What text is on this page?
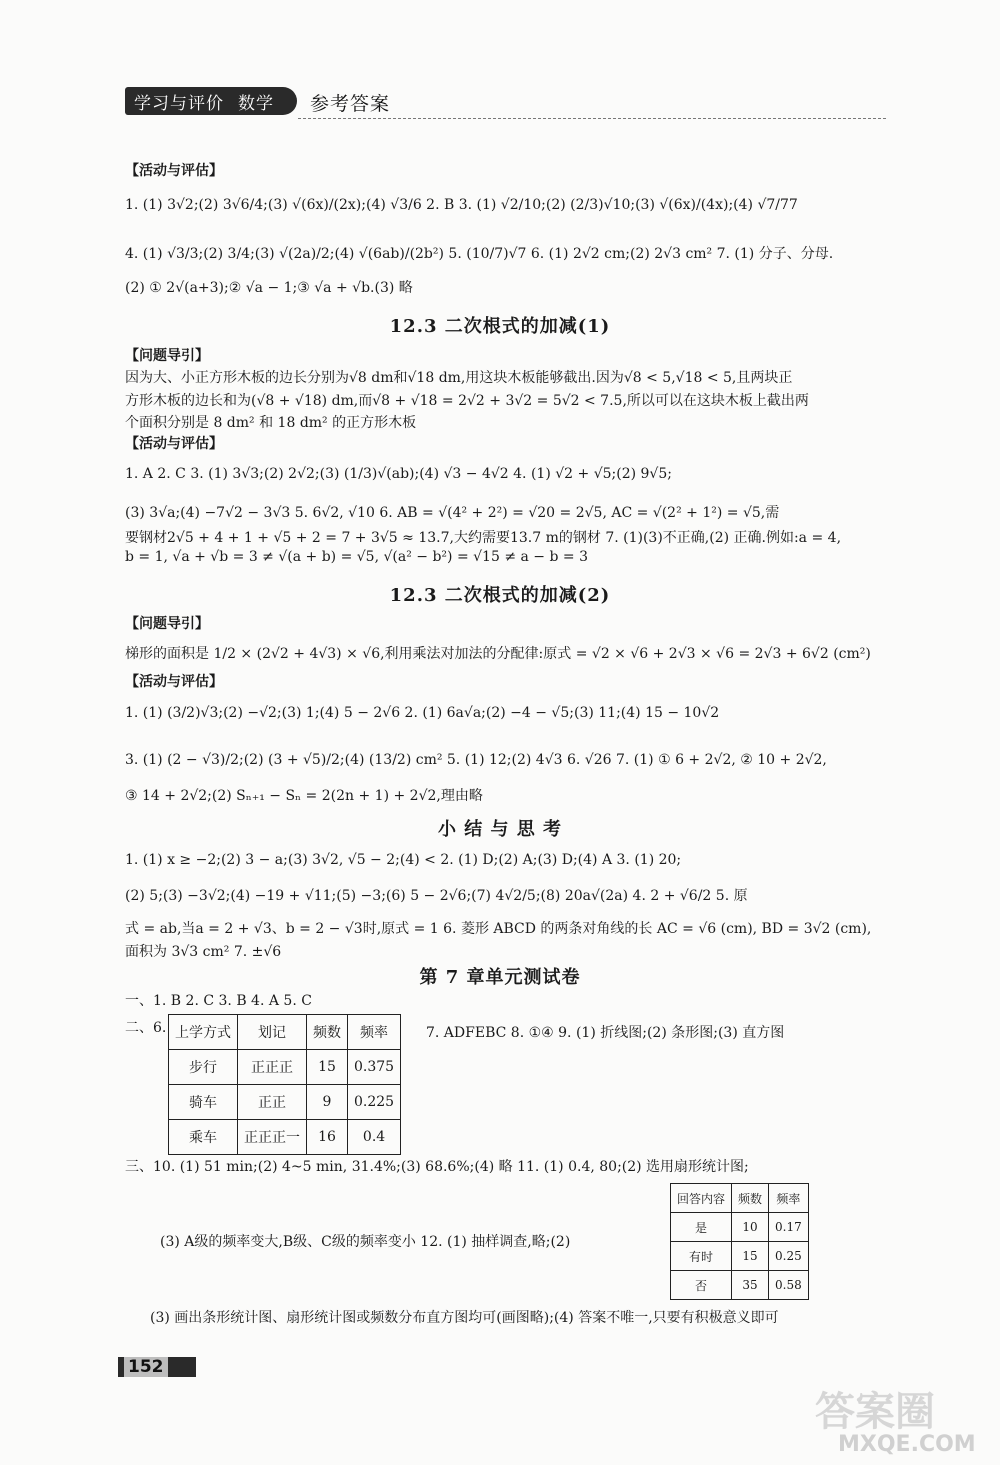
学习与评价 数学 参考答案
【活动与评估】
1. (1) 3√2;(2) 3√6/4;(3) √(6x)/(2x);(4) √3/6 2. B 3. (1) √2/10;(2) (2/3)√10;(3) √(6x)/(4x);(4) √7/77
4. (1) √3/3;(2) 3/4;(3) √(2a)/2;(4) √(6ab)/(2b²) 5. (10/7)√7 6. (1) 2√2 cm;(2) 2√3 cm² 7. (1) 分子、分母.
(2) ① 2√(a+3);② √a − 1;③ √a + √b.(3) 略
12.3 二次根式的加减(1)
【问题导引】
因为大、小正方形木板的边长分别为√8 dm和√18 dm,用这块木板能够截出.因为√8 < 5,√18 < 5,且两块正
方形木板的边长和为(√8 + √18) dm,而√8 + √18 = 2√2 + 3√2 = 5√2 < 7.5,所以可以在这块木板上截出两
个面积分别是 8 dm² 和 18 dm² 的正方形木板
【活动与评估】
1. A 2. C 3. (1) 3√3;(2) 2√2;(3) (1/3)√(ab);(4) √3 − 4√2 4. (1) √2 + √5;(2) 9√5;
(3) 3√a;(4) −7√2 − 3√3 5. 6√2, √10 6. AB = √(4² + 2²) = √20 = 2√5, AC = √(2² + 1²) = √5,需
要钢材2√5 + 4 + 1 + √5 + 2 = 7 + 3√5 ≈ 13.7,大约需要13.7 m的钢材 7. (1)(3)不正确,(2) 正确.例如:a = 4,
b = 1, √a + √b = 3 ≠ √(a + b) = √5, √(a² − b²) = √15 ≠ a − b = 3
12.3 二次根式的加减(2)
【问题导引】
梯形的面积是 1/2 × (2√2 + 4√3) × √6,利用乘法对加法的分配律:原式 = √2 × √6 + 2√3 × √6 = 2√3 + 6√2 (cm²)
【活动与评估】
1. (1) (3/2)√3;(2) −√2;(3) 1;(4) 5 − 2√6 2. (1) 6a√a;(2) −4 − √5;(3) 11;(4) 15 − 10√2
3. (1) (2 − √3)/2;(2) (3 + √5)/2;(4) (13/2) cm² 5. (1) 12;(2) 4√3 6. √26 7. (1) ① 6 + 2√2, ② 10 + 2√2,
③ 14 + 2√2;(2) Sₙ₊₁ − Sₙ = 2(2n + 1) + 2√2,理由略
小 结 与 思 考
1. (1) x ≥ −2;(2) 3 − a;(3) 3√2, √5 − 2;(4) < 2. (1) D;(2) A;(3) D;(4) A 3. (1) 20;
(2) 5;(3) −3√2;(4) −19 + √11;(5) −3;(6) 5 − 2√6;(7) 4√2/5;(8) 20a√(2a) 4. 2 + √6/2 5. 原
式 = ab,当a = 2 + √3、b = 2 − √3时,原式 = 1 6. 菱形 ABCD 的两条对角线的长 AC = √6 (cm), BD = 3√2 (cm),
面积为 3√3 cm² 7. ±√6
第 7 章单元测试卷
一、1. B 2. C 3. B 4. A 5. C
二、6.	7. ADFEBC 8. ①④ 9. (1) 折线图;(2) 条形图;(3) 直方图
三、10. (1) 51 min;(2) 4~5 min, 31.4%;(3) 68.6%;(4) 略 11. (1) 0.4, 80;(2) 选用扇形统计图;
(3) A级的频率变大,B级、C级的频率变小 12. (1) 抽样调查,略;(2)
(3) 画出条形统计图、扇形统计图或频数分布直方图均可(画图略);(4) 答案不唯一,只要有积极意义即可
上学方式	划记	频数	频率
步行	正正正	15	0.375
骑车	正正	9	0.225
乘车	正正正一	16	0.4
回答内容	频数	频率
是	10	0.17
有时	15	0.25
否	35	0.58
152
答案圈
MXQE.COM
